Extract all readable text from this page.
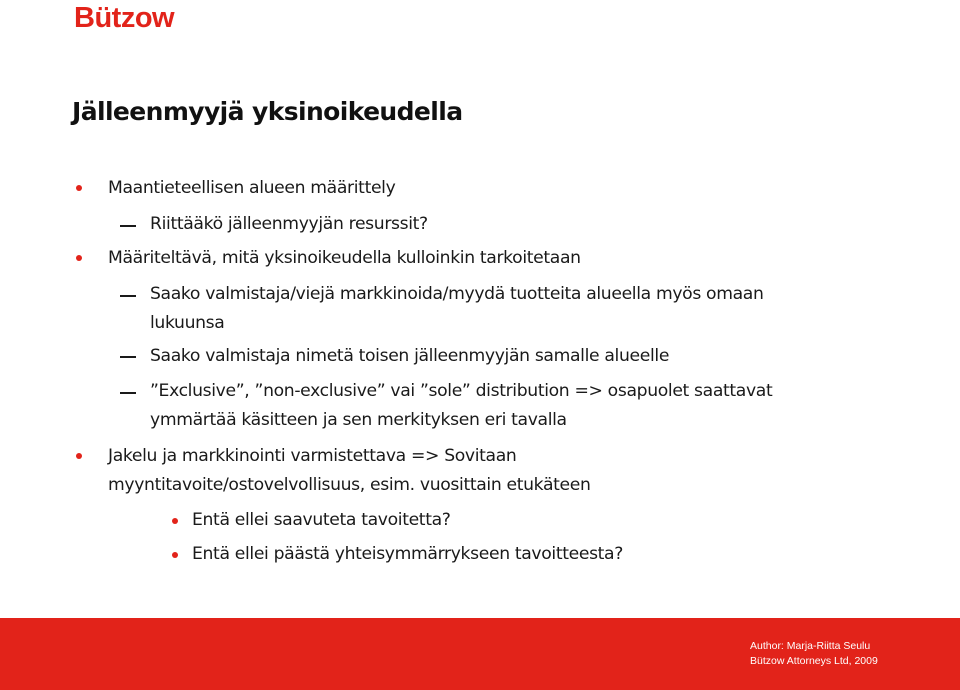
Bützow
Jälleenmyyjä yksinoikeudella
Maantieteellisen alueen määrittely
Riittääkö jälleenmyyjän resurssit?
Määriteltävä, mitä yksinoikeudella kulloinkin tarkoitetaan
Saako valmistaja/viejä markkinoida/myydä tuotteita alueella myös omaan
lukuunsa
Saako valmistaja nimetä toisen jälleenmyyjän samalle alueelle
”Exclusive”, ”non-exclusive” vai ”sole” distribution => osapuolet saattavat
ymmärtää käsitteen ja sen merkityksen eri tavalla
Jakelu ja markkinointi varmistettava => Sovitaan
myyntitavoite/ostovelvollisuus, esim. vuosittain etukäteen
Entä ellei saavuteta tavoitetta?
Entä ellei päästä yhteisymmärrykseen tavoitteesta?
Author: Marja-Riitta Seulu
Bützow Attorneys Ltd, 2009
